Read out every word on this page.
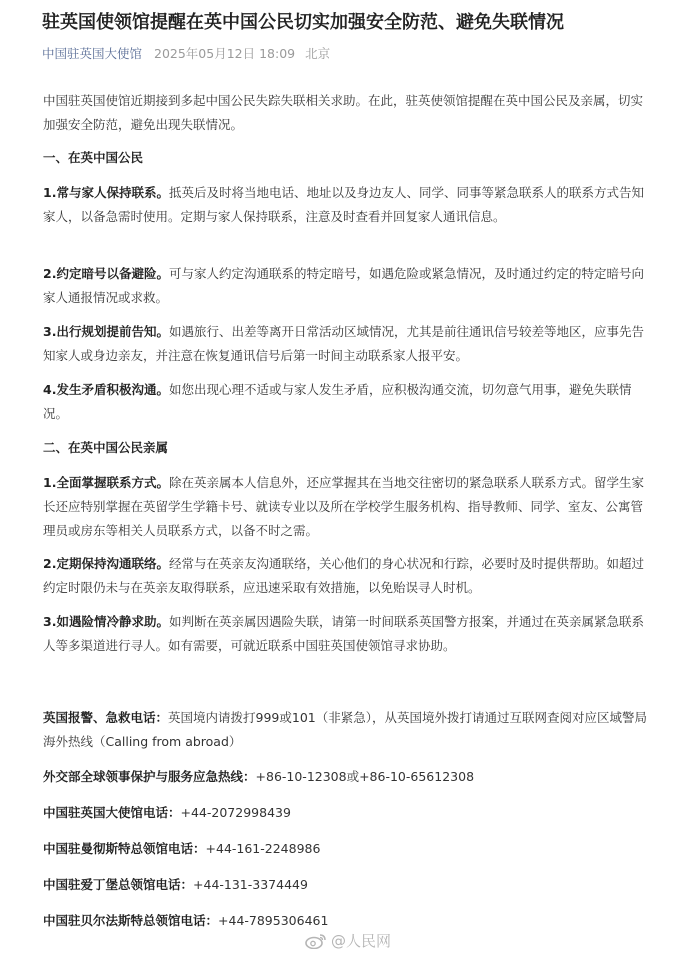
驻英国使领馆提醒在英中国公民切实加强安全防范、避免失联情况
中国驻英国大使馆 2025年05月12日 18:09 北京

中国驻英国使馆近期接到多起中国公民失踪失联相关求助。在此，驻英使领馆提醒在英中国公民及亲属，切实加强安全防范，避免出现失联情况。

一、在英中国公民

1.常与家人保持联系。抵英后及时将当地电话、地址以及身边友人、同学、同事等紧急联系人的联系方式告知家人，以备急需时使用。定期与家人保持联系，注意及时查看并回复家人通讯信息。

2.约定暗号以备避险。可与家人约定沟通联系的特定暗号，如遇危险或紧急情况，及时通过约定的特定暗号向家人通报情况或求救。

3.出行规划提前告知。如遇旅行、出差等离开日常活动区域情况，尤其是前往通讯信号较差等地区，应事先告知家人或身边亲友，并注意在恢复通讯信号后第一时间主动联系家人报平安。

4.发生矛盾积极沟通。如您出现心理不适或与家人发生矛盾，应积极沟通交流，切勿意气用事，避免失联情况。

二、在英中国公民亲属

1.全面掌握联系方式。除在英亲属本人信息外，还应掌握其在当地交往密切的紧急联系人联系方式。留学生家长还应特别掌握在英留学生学籍卡号、就读专业以及所在学校学生服务机构、指导教师、同学、室友、公寓管理员或房东等相关人员联系方式，以备不时之需。

2.定期保持沟通联络。经常与在英亲友沟通联络，关心他们的身心状况和行踪，必要时及时提供帮助。如超过约定时限仍未与在英亲友取得联系，应迅速采取有效措施，以免贻误寻人时机。

3.如遇险情冷静求助。如判断在英亲属因遇险失联，请第一时间联系英国警方报案，并通过在英亲属紧急联系人等多渠道进行寻人。如有需要，可就近联系中国驻英国使领馆寻求协助。

英国报警、急救电话：英国境内请拨打999或101（非紧急），从英国境外拨打请通过互联网查阅对应区域警局海外热线（Calling from abroad）

外交部全球领事保护与服务应急热线：+86-10-12308或+86-10-65612308

中国驻英国大使馆电话：+44-2072998439

中国驻曼彻斯特总领馆电话：+44-161-2248986

中国驻爱丁堡总领馆电话：+44-131-3374449

中国驻贝尔法斯特总领馆电话：+44-7895306461

@人民网
